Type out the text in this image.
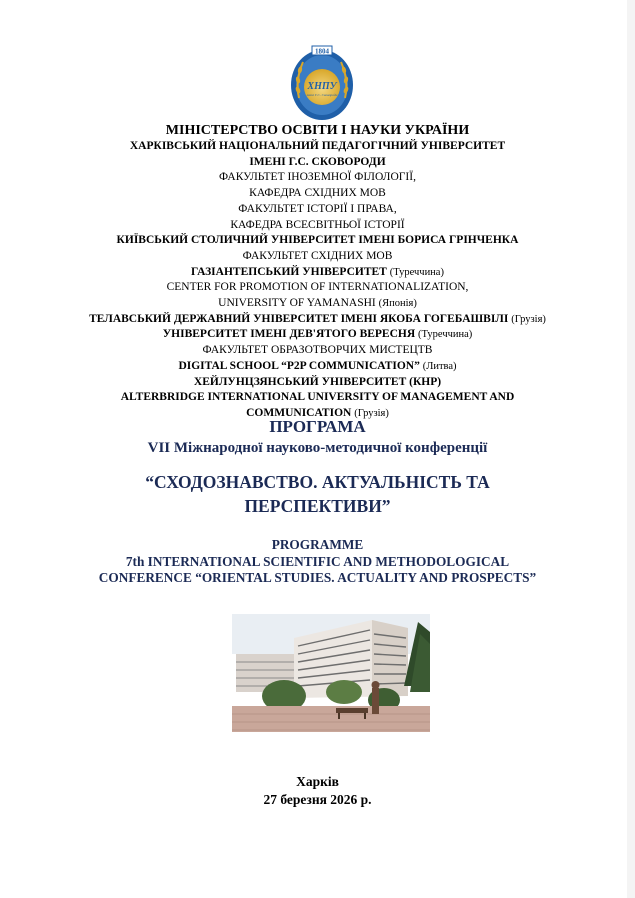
1804
ХНПУ
імені Г.С. Сковороди
МІНІСТЕРСТВО ОСВІТИ І НАУКИ УКРАЇНИ
ХАРКІВСЬКИЙ НАЦІОНАЛЬНИЙ ПЕДАГОГІЧНИЙ УНІВЕРСИТЕТ
ІМЕНІ Г.С. СКОВОРОДИ
ФАКУЛЬТЕТ ІНОЗЕМНОЇ ФІЛОЛОГІЇ,
КАФЕДРА СХІДНИХ МОВ
ФАКУЛЬТЕТ ІСТОРІЇ І ПРАВА,
КАФЕДРА ВСЕСВІТНЬОЇ ІСТОРІЇ
КИЇВСЬКИЙ СТОЛИЧНИЙ УНІВЕРСИТЕТ ІМЕНІ БОРИСА ГРІНЧЕНКА
ФАКУЛЬТЕТ СХІДНИХ МОВ
ГАЗІАНТЕПСЬКИЙ УНІВЕРСИТЕТ (Туреччина)
CENTER FOR PROMOTION OF INTERNATIONALIZATION,
UNIVERSITY OF YAMANASHI (Японія)
ТЕЛАВСЬКИЙ ДЕРЖАВНИЙ УНІВЕРСИТЕТ ІМЕНІ ЯКОБА ГОГЕБАШВІЛІ (Грузія)
УНІВЕРСИТЕТ ІМЕНІ ДЕВ'ЯТОГО ВЕРЕСНЯ (Туреччина)
ФАКУЛЬТЕТ ОБРАЗОТВОРЧИХ МИСТЕЦТВ
DIGITAL SCHOOL “P2P COMMUNICATION” (Литва)
ХЕЙЛУНЦЗЯНСЬКИЙ УНІВЕРСИТЕТ (КНР)
ALTERBRIDGE INTERNATIONAL UNIVERSITY OF MANAGEMENT AND
COMMUNICATION (Грузія)
ПРОГРАМА
VII Міжнародної науково-методичної конференції
“СХОДОЗНАВСТВО. АКТУАЛЬНІСТЬ ТА
ПЕРСПЕКТИВИ”
PROGRAMME
7th INTERNATIONAL SCIENTIFIC AND METHODOLOGICAL
CONFERENCE “ORIENTAL STUDIES. ACTUALITY AND PROSPECTS”
Харків
27 березня 2026 р.
